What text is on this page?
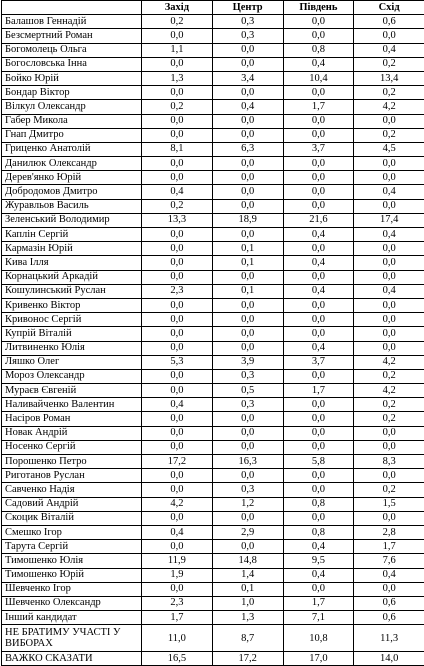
	Захід	Центр	Південь	Схід
Балашов Геннадій	0,2	0,3	0,0	0,6
Безсмертний Роман	0,0	0,3	0,0	0,0
Богомолець Ольга	1,1	0,0	0,8	0,4
Богословська Інна	0,0	0,0	0,4	0,2
Бойко Юрій	1,3	3,4	10,4	13,4
Бондар Віктор	0,0	0,0	0,0	0,2
Вілкул Олександр	0,2	0,4	1,7	4,2
Габер Микола	0,0	0,0	0,0	0,0
Гнап Дмитро	0,0	0,0	0,0	0,2
Гриценко Анатолій	8,1	6,3	3,7	4,5
Данилюк Олександр	0,0	0,0	0,0	0,0
Дерев'янко Юрій	0,0	0,0	0,0	0,0
Добродомов Дмитро	0,4	0,0	0,0	0,4
Журавльов Василь	0,2	0,0	0,0	0,0
Зеленський Володимир	13,3	18,9	21,6	17,4
Каплін Сергій	0,0	0,0	0,4	0,4
Кармазін Юрій	0,0	0,1	0,0	0,0
Кива Ілля	0,0	0,1	0,4	0,0
Корнацький Аркадій	0,0	0,0	0,0	0,0
Кошулинський Руслан	2,3	0,1	0,4	0,4
Кривенко Віктор	0,0	0,0	0,0	0,0
Кривонос Сергій	0,0	0,0	0,0	0,0
Купрій Віталій	0,0	0,0	0,0	0,0
Литвиненко Юлія	0,0	0,0	0,4	0,0
Ляшко Олег	5,3	3,9	3,7	4,2
Мороз Олександр	0,0	0,3	0,0	0,2
Мураєв Євгеній	0,0	0,5	1,7	4,2
Наливайченко Валентин	0,4	0,3	0,0	0,2
Насіров Роман	0,0	0,0	0,0	0,2
Новак Андрій	0,0	0,0	0,0	0,0
Носенко Сергій	0,0	0,0	0,0	0,0
Порошенко Петро	17,2	16,3	5,8	8,3
Риготанов Руслан	0,0	0,0	0,0	0,0
Савченко Надія	0,0	0,3	0,0	0,2
Садовий Андрій	4,2	1,2	0,8	1,5
Скоцик Віталій	0,0	0,0	0,0	0,0
Смешко Ігор	0,4	2,9	0,8	2,8
Тарута Сергій	0,0	0,0	0,4	1,7
Тимошенко Юлія	11,9	14,8	9,5	7,6
Тимошенко Юрій	1,9	1,4	0,4	0,4
Шевченко Ігор	0,0	0,1	0,0	0,0
Шевченко Олександр	2,3	1,0	1,7	0,6
Інший кандидат	1,7	1,3	7,1	0,6
НЕ БРАТИМУ УЧАСТІ У ВИБОРАХ	11,0	8,7	10,8	11,3
ВАЖКО СКАЗАТИ	16,5	17,2	17,0	14,0
